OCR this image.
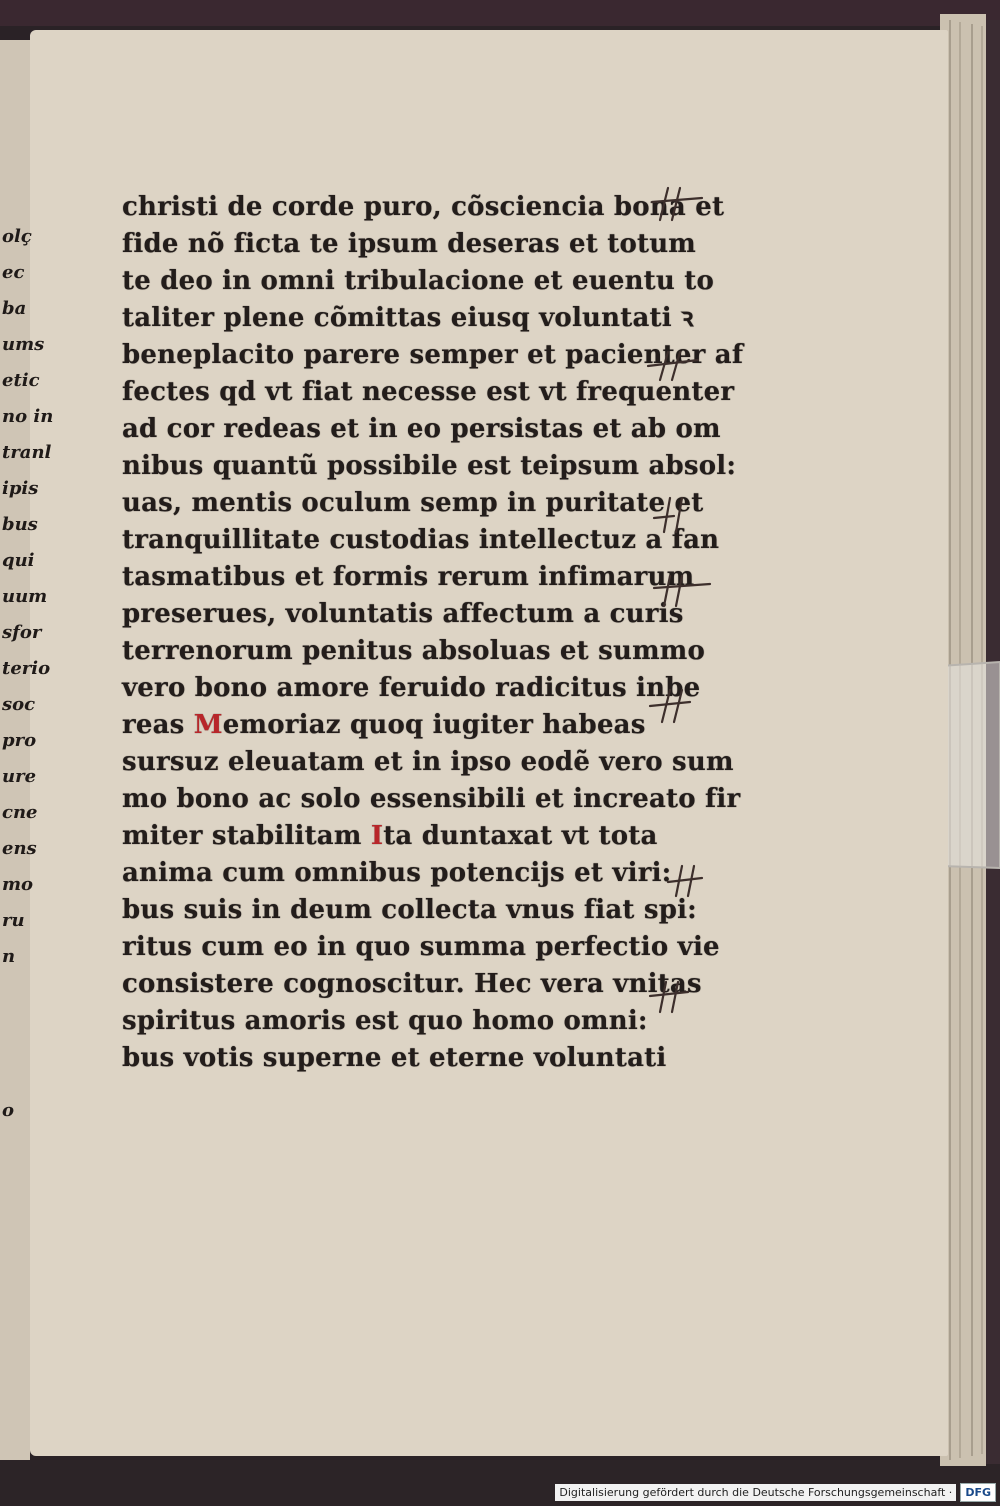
christi de corde puro, cõsciencia bona et
fide nõ ficta te ipsum deseras et totum
te deo in omni tribulacione et euentu to
taliter plene cõmittas eiusq voluntati ꝛ
beneplacito parere semper et pacienter af
fectes qd vt fiat necesse est vt frequenter
ad cor redeas et in eo persistas et ab om
nibus quantũ possibile est teipsum absol:
uas, mentis oculum semp in puritate et
tranquillitate custodias intellectuz a fan
tasmatibus et formis rerum infimarum
preserues, voluntatis affectum a curis
terrenorum penitus absoluas et summo
vero bono amore feruido radicitus inbe
reas Memoriaz quoq iugiter habeas
sursuz eleuatam et in ipso eodẽ vero sum
mo bono ac solo essensibili et increato fir
miter stabilitam Ita duntaxat vt tota
anima cum omnibus potencijs et viri:
bus suis in deum collecta vnus fiat spi:
ritus cum eo in quo summa perfectio vie
consistere cognoscitur. Hec vera vnitas
spiritus amoris est quo homo omni:
bus votis superne et eterne voluntati
olç
ec
ba
ums
etic
no in
tranl
ipis
bus
qui
uum
sfor
terio
soc
pro
ure
cne
ens
mo
ru
n
o
Digitalisierung gefördert durch die Deutsche Forschungsgemeinschaft ·	DFG
